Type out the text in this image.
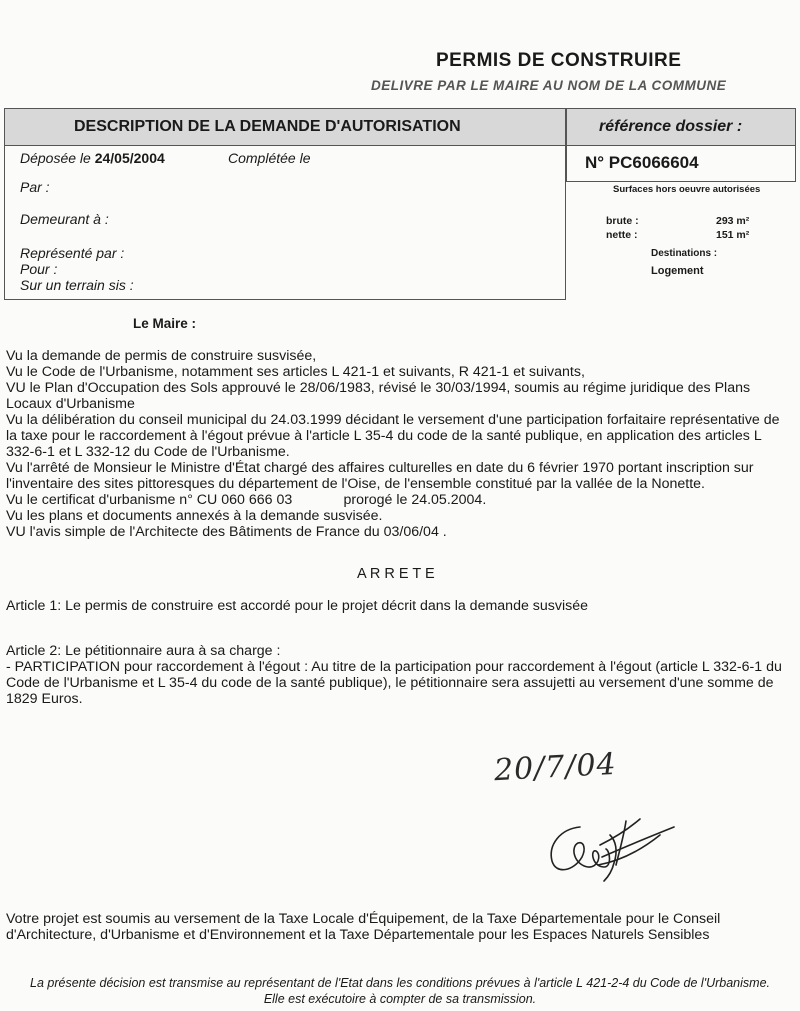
PERMIS DE CONSTRUIRE
DELIVRE PAR LE MAIRE AU NOM DE LA COMMUNE
DESCRIPTION DE LA DEMANDE D'AUTORISATION
Déposée le 24/05/2004	Complétée le
Par :
Demeurant à :
Représenté par :
Pour :
Sur un terrain sis :
référence dossier :
N° PC6066604
Surfaces hors oeuvre autorisées
brute :	293 m²
nette :	151 m²
Destinations :
Logement
Le Maire :
Vu la demande de permis de construire susvisée,
Vu le Code de l'Urbanisme, notamment ses articles L 421-1 et suivants, R 421-1 et suivants,
VU le Plan d'Occupation des Sols approuvé le 28/06/1983, révisé le 30/03/1994, soumis au régime juridique des Plans Locaux d'Urbanisme
Vu la délibération du conseil municipal du 24.03.1999 décidant le versement d'une participation forfaitaire représentative de la taxe pour le raccordement à l'égout prévue à l'article L 35-4 du code de la santé publique, en application des articles L 332-6-1 et L 332-12 du Code de l'Urbanisme.
Vu l'arrêté de Monsieur le Ministre d'État chargé des affaires culturelles en date du 6 février 1970 portant inscription sur l'inventaire des sites pittoresques du département de l'Oise, de l'ensemble constitué par la vallée de la Nonette.
Vu le certificat d'urbanisme n° CU 060 666 03             prorogé le 24.05.2004.
Vu les plans et documents annexés à la demande susvisée.
VU l'avis simple de l'Architecte des Bâtiments de France du 03/06/04 .
A R R E T E
Article 1: Le permis de construire est accordé pour le projet décrit dans la demande susvisée
Article 2: Le pétitionnaire aura à sa charge :
- PARTICIPATION pour raccordement à l'égout : Au titre de la participation pour raccordement à l'égout (article L 332-6-1 du Code de l'Urbanisme et L 35-4 du code de la santé publique), le pétitionnaire sera assujetti au versement d'une somme de 1829 Euros.
20/7/04
Votre projet est soumis au versement de la Taxe Locale d'Équipement, de la Taxe Départementale pour le Conseil d'Architecture, d'Urbanisme et d'Environnement et la Taxe Départementale pour les Espaces Naturels Sensibles
La présente décision est transmise au représentant de l'Etat dans les conditions prévues à l'article L 421-2-4 du Code de l'Urbanisme.
Elle est exécutoire à compter de sa transmission.
